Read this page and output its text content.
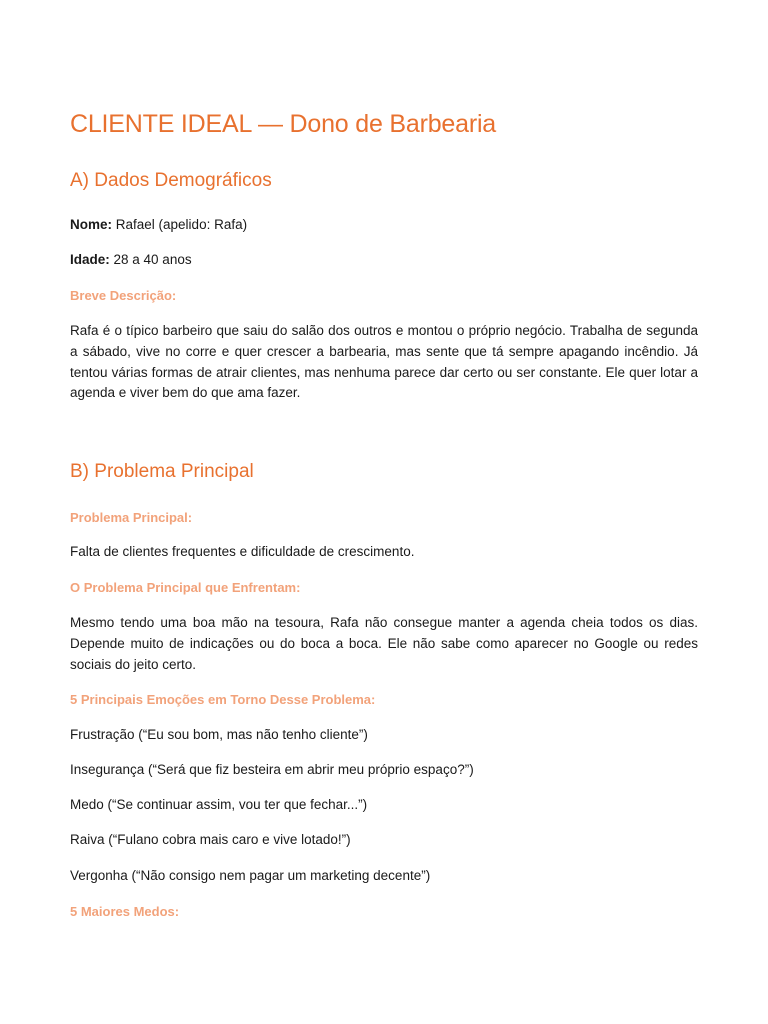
CLIENTE IDEAL — Dono de Barbearia
A) Dados Demográficos

Nome: Rafael (apelido: Rafa)

Idade: 28 a 40 anos

Breve Descrição:

Rafa é o típico barbeiro que saiu do salão dos outros e montou o próprio negócio. Trabalha de segunda a sábado, vive no corre e quer crescer a barbearia, mas sente que tá sempre apagando incêndio. Já tentou várias formas de atrair clientes, mas nenhuma parece dar certo ou ser constante. Ele quer lotar a agenda e viver bem do que ama fazer.

B) Problema Principal

Problema Principal:

Falta de clientes frequentes e dificuldade de crescimento.

O Problema Principal que Enfrentam:

Mesmo tendo uma boa mão na tesoura, Rafa não consegue manter a agenda cheia todos os dias. Depende muito de indicações ou do boca a boca. Ele não sabe como aparecer no Google ou redes sociais do jeito certo.

5 Principais Emoções em Torno Desse Problema:

Frustração (“Eu sou bom, mas não tenho cliente”)

Insegurança (“Será que fiz besteira em abrir meu próprio espaço?”)

Medo (“Se continuar assim, vou ter que fechar...”)

Raiva (“Fulano cobra mais caro e vive lotado!”)

Vergonha (“Não consigo nem pagar um marketing decente”)

5 Maiores Medos:
